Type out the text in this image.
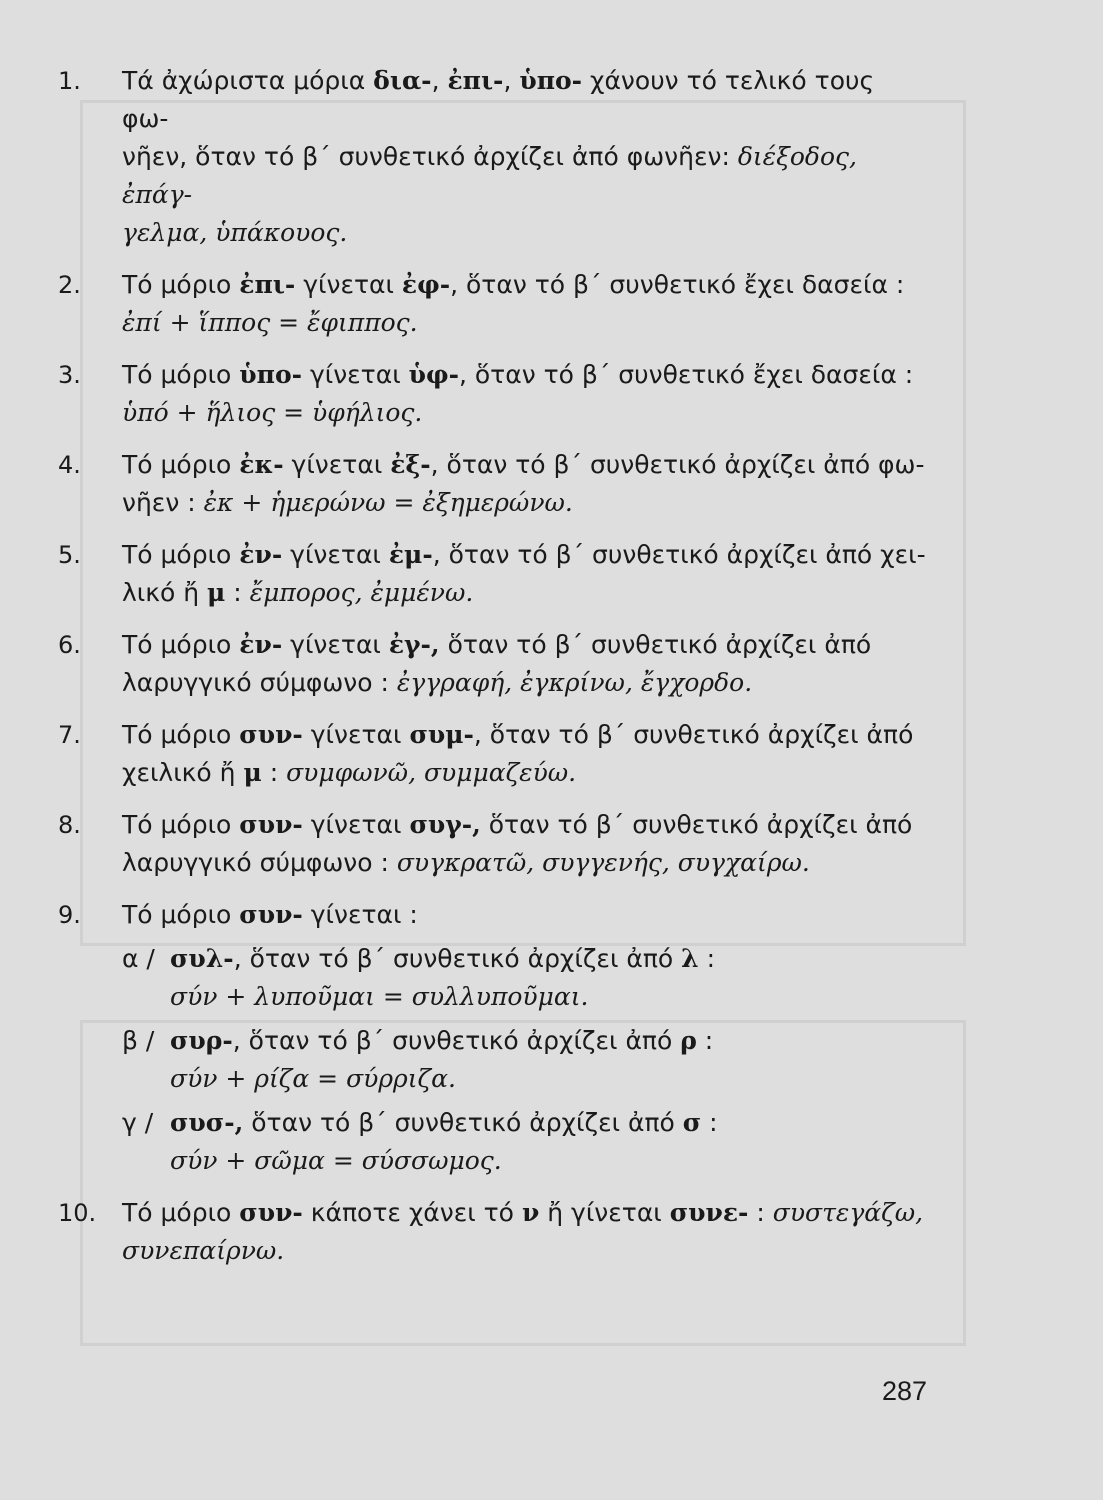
1.	Τά ἀχώριστα μόρια δια-, ἐπι-, ὑπο- χάνουν τό τελικό τους φω-
νῆεν, ὅταν τό β΄ συνθετικό ἀρχίζει ἀπό φωνῆεν: διέξοδος, ἐπάγ-
γελμα, ὑπάκουος.
2.	Τό μόριο ἐπι- γίνεται ἐφ-, ὅταν τό β΄ συνθετικό ἔχει δασεία :
ἐπί + ἵππος = ἔφιππος.
3.	Τό μόριο ὑπο- γίνεται ὑφ-, ὅταν τό β΄ συνθετικό ἔχει δασεία :
ὑπό + ἥλιος = ὑφήλιος.
4.	Τό μόριο ἐκ- γίνεται ἐξ-, ὅταν τό β΄ συνθετικό ἀρχίζει ἀπό φω-
νῆεν : ἐκ + ἡμερώνω = ἐξημερώνω.
5.	Τό μόριο ἐν- γίνεται ἐμ-, ὅταν τό β΄ συνθετικό ἀρχίζει ἀπό χει-
λικό ἤ μ : ἔμπορος, ἐμμένω.
6.	Τό μόριο ἐν- γίνεται ἐγ-, ὅταν τό β΄ συνθετικό ἀρχίζει ἀπό
λαρυγγικό σύμφωνο : ἐγγραφή, ἐγκρίνω, ἔγχορδο.
7.	Τό μόριο συν- γίνεται συμ-, ὅταν τό β΄ συνθετικό ἀρχίζει ἀπό
χειλικό ἤ μ : συμφωνῶ, συμμαζεύω.
8.	Τό μόριο συν- γίνεται συγ-, ὅταν τό β΄ συνθετικό ἀρχίζει ἀπό
λαρυγγικό σύμφωνο : συγκρατῶ, συγγενής, συγχαίρω.
9.	Τό μόριο συν- γίνεται :
α / συλ-, ὅταν τό β΄ συνθετικό ἀρχίζει ἀπό λ :
σύν + λυποῦμαι = συλλυποῦμαι.
β / συρ-, ὅταν τό β΄ συνθετικό ἀρχίζει ἀπό ρ :
σύν + ρίζα = σύρριζα.
γ / συσ-, ὅταν τό β΄ συνθετικό ἀρχίζει ἀπό σ :
σύν + σῶμα = σύσσωμος.
10. Τό μόριο συν- κάποτε χάνει τό ν ἤ γίνεται συνε- : συστεγάζω,
συνεπαίρνω.
287
